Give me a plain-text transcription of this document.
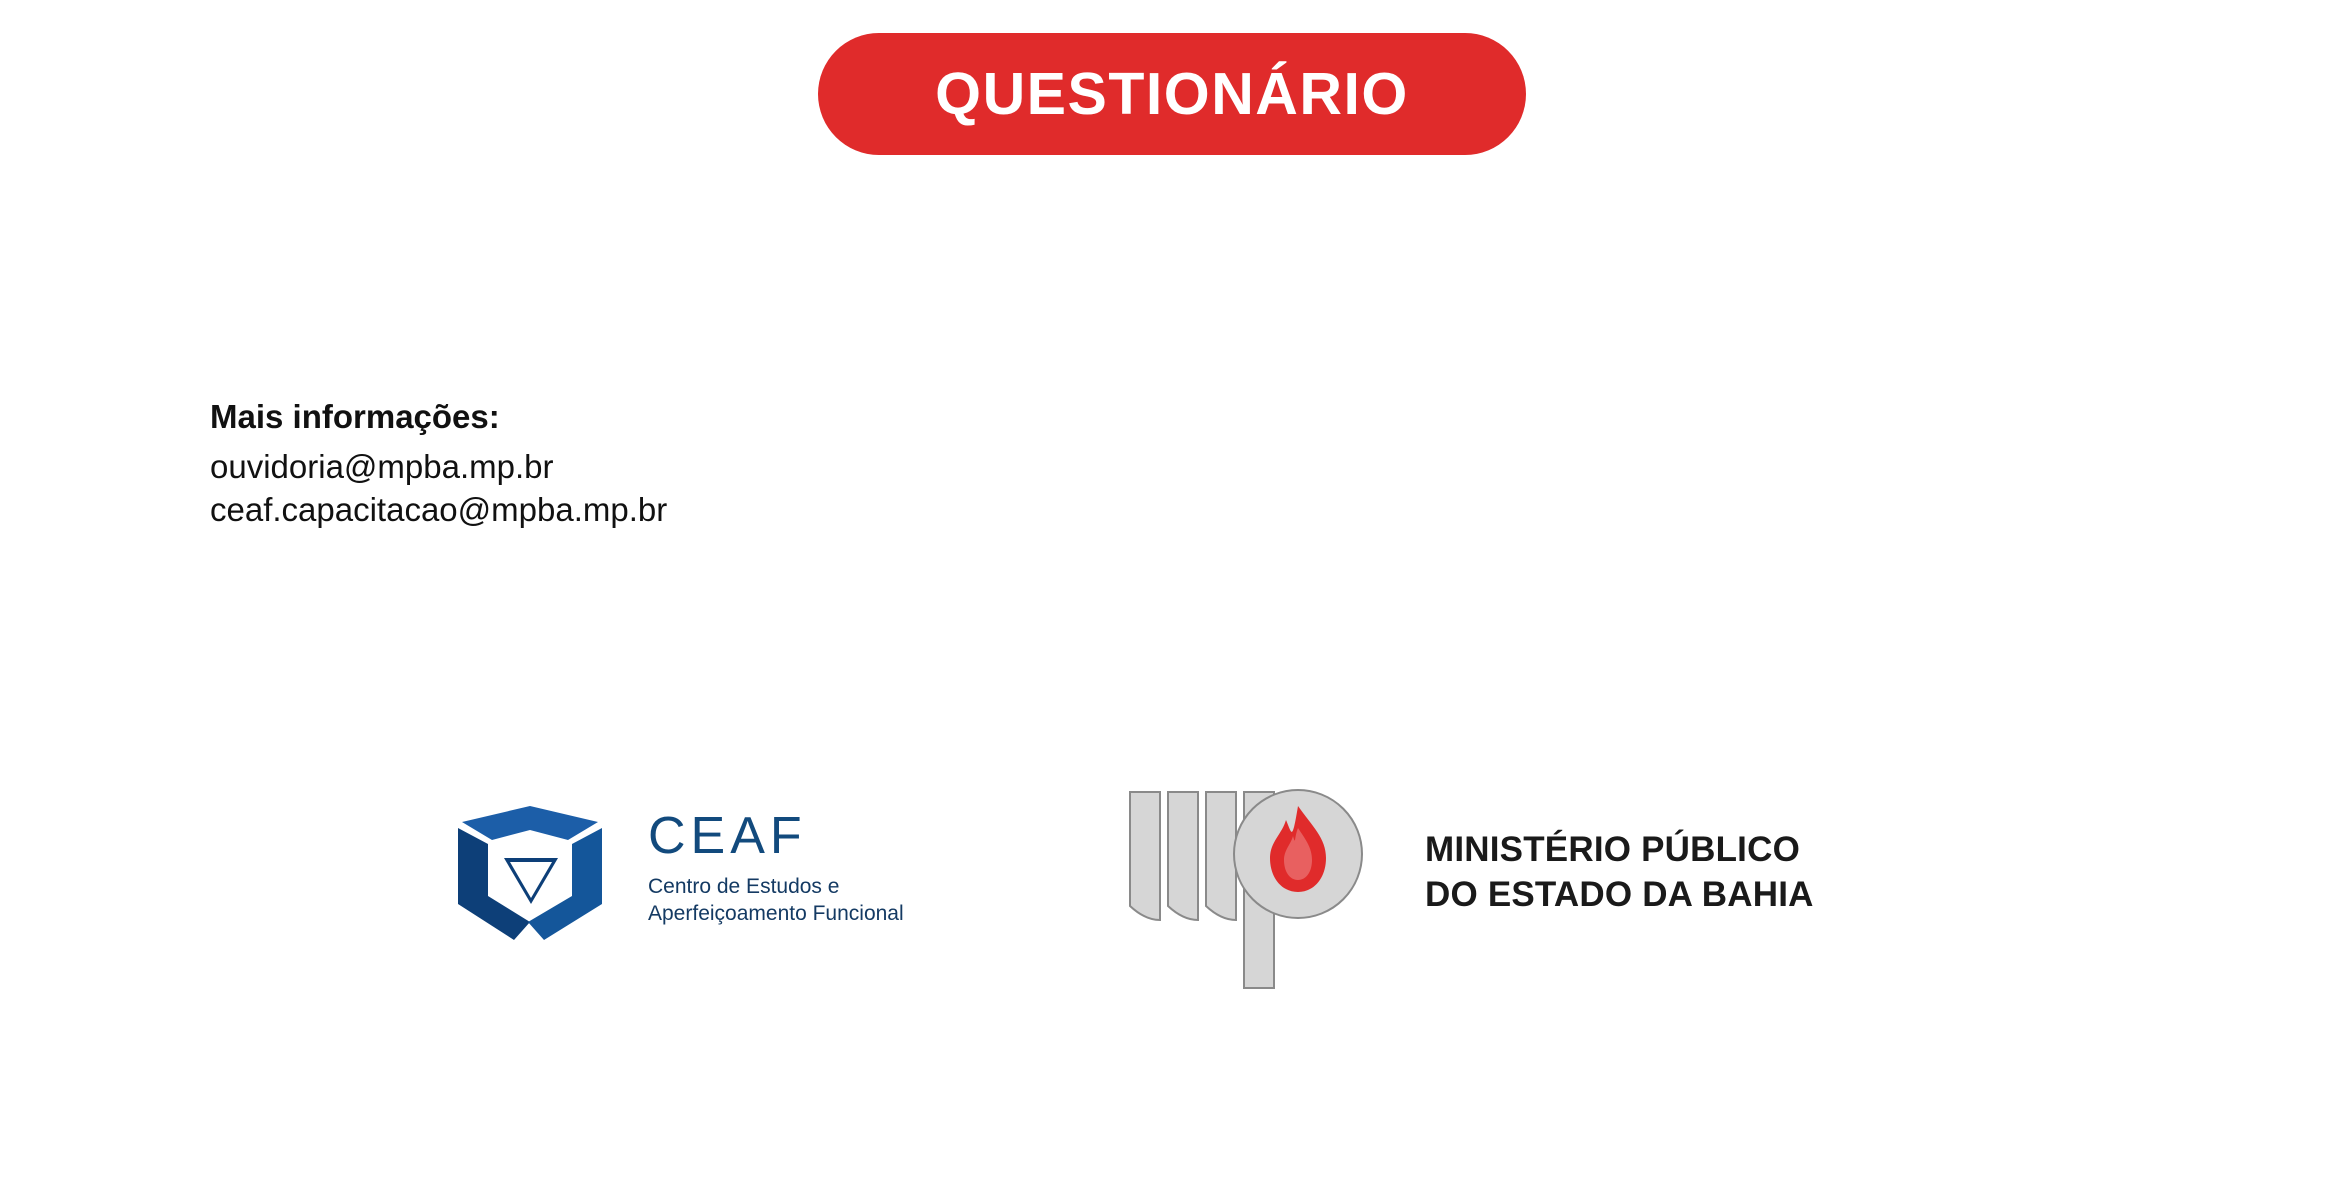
QUESTIONÁRIO
Mais informações:
ouvidoria@mpba.mp.br
ceaf.capacitacao@mpba.mp.br
CEAF
Centro de Estudos e
Aperfeiçoamento Funcional
MINISTÉRIO PÚBLICO
DO ESTADO DA BAHIA
